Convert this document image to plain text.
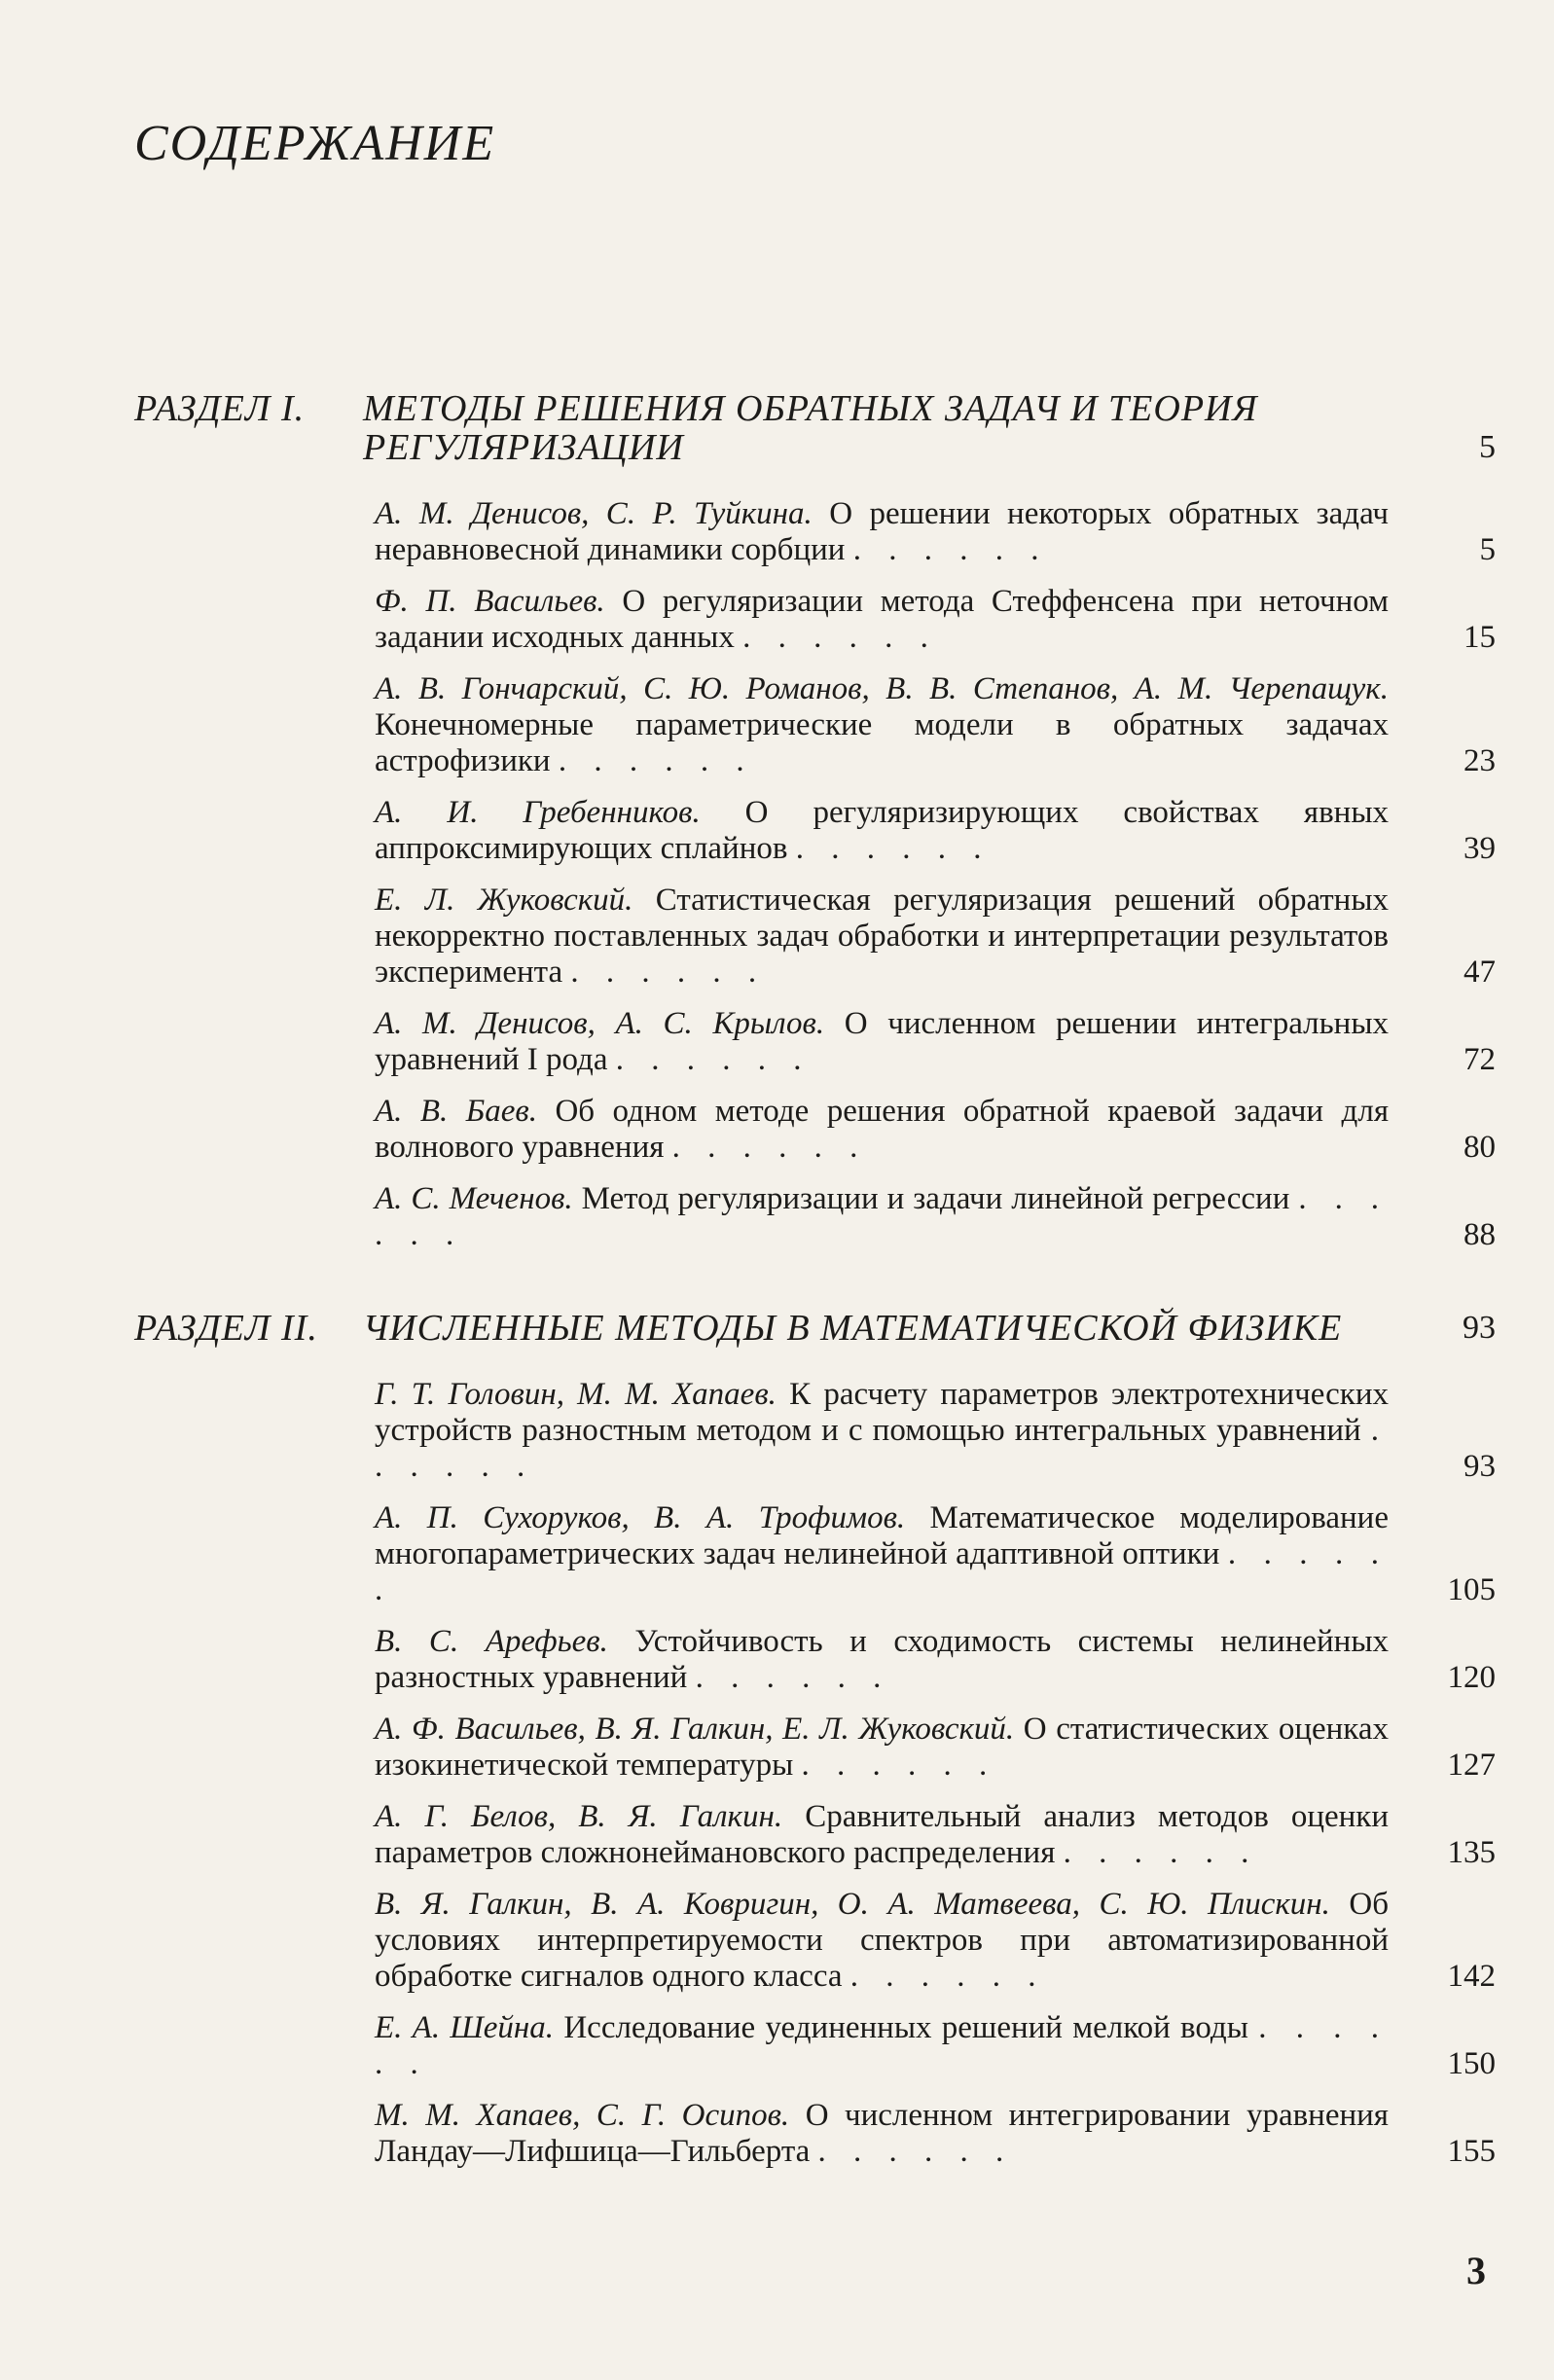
СОДЕРЖАНИЕ
РАЗДЕЛ I. МЕТОДЫ РЕШЕНИЯ ОБРАТНЫХ ЗАДАЧ И ТЕОРИЯ
РЕГУЛЯРИЗАЦИИ	5
А. М. Денисов, С. Р. Туйкина. О решении некоторых обратных задач неравновесной динамики сорбции . . . . . .	5
Ф. П. Васильев. О регуляризации метода Стеффенсена при неточном задании исходных данных . . . . . .	15
А. В. Гончарский, С. Ю. Романов, В. В. Степанов, А. М. Черепащук. Конечномерные параметрические модели в обратных задачах астрофизики . . . . . .	23
А. И. Гребенников. О регуляризирующих свойствах явных аппроксимирующих сплайнов . . . . . .	39
Е. Л. Жуковский. Статистическая регуляризация решений обратных некорректно поставленных задач обработки и интерпретации результатов эксперимента . . . . . .	47
А. М. Денисов, А. С. Крылов. О численном решении интегральных уравнений I рода . . . . . .	72
А. В. Баев. Об одном методе решения обратной краевой задачи для волнового уравнения . . . . . .	80
А. С. Меченов. Метод регуляризации и задачи линейной регрессии . . . . . .	88
РАЗДЕЛ II. ЧИСЛЕННЫЕ МЕТОДЫ В МАТЕМАТИЧЕСКОЙ ФИЗИКЕ	93
Г. Т. Головин, М. М. Хапаев. К расчету параметров электротехнических устройств разностным методом и с помощью интегральных уравнений . . . . . .	93
А. П. Сухоруков, В. А. Трофимов. Математическое моделирование многопараметрических задач нелинейной адаптивной оптики . . . . . .	105
В. С. Арефьев. Устойчивость и сходимость системы нелинейных разностных уравнений . . . . . .	120
А. Ф. Васильев, В. Я. Галкин, Е. Л. Жуковский. О статистических оценках изокинетической температуры . . . . . .	127
А. Г. Белов, В. Я. Галкин. Сравнительный анализ методов оценки параметров сложнонеймановского распределения . . . . . .	135
В. Я. Галкин, В. А. Ковригин, О. А. Матвеева, С. Ю. Плискин. Об условиях интерпретируемости спектров при автоматизированной обработке сигналов одного класса . . . . . .	142
Е. А. Шейна. Исследование уединенных решений мелкой воды . . . . . .	150
М. М. Хапаев, С. Г. Осипов. О численном интегрировании уравнения Ландау—Лифшица—Гильберта . . . . . .	155
3
